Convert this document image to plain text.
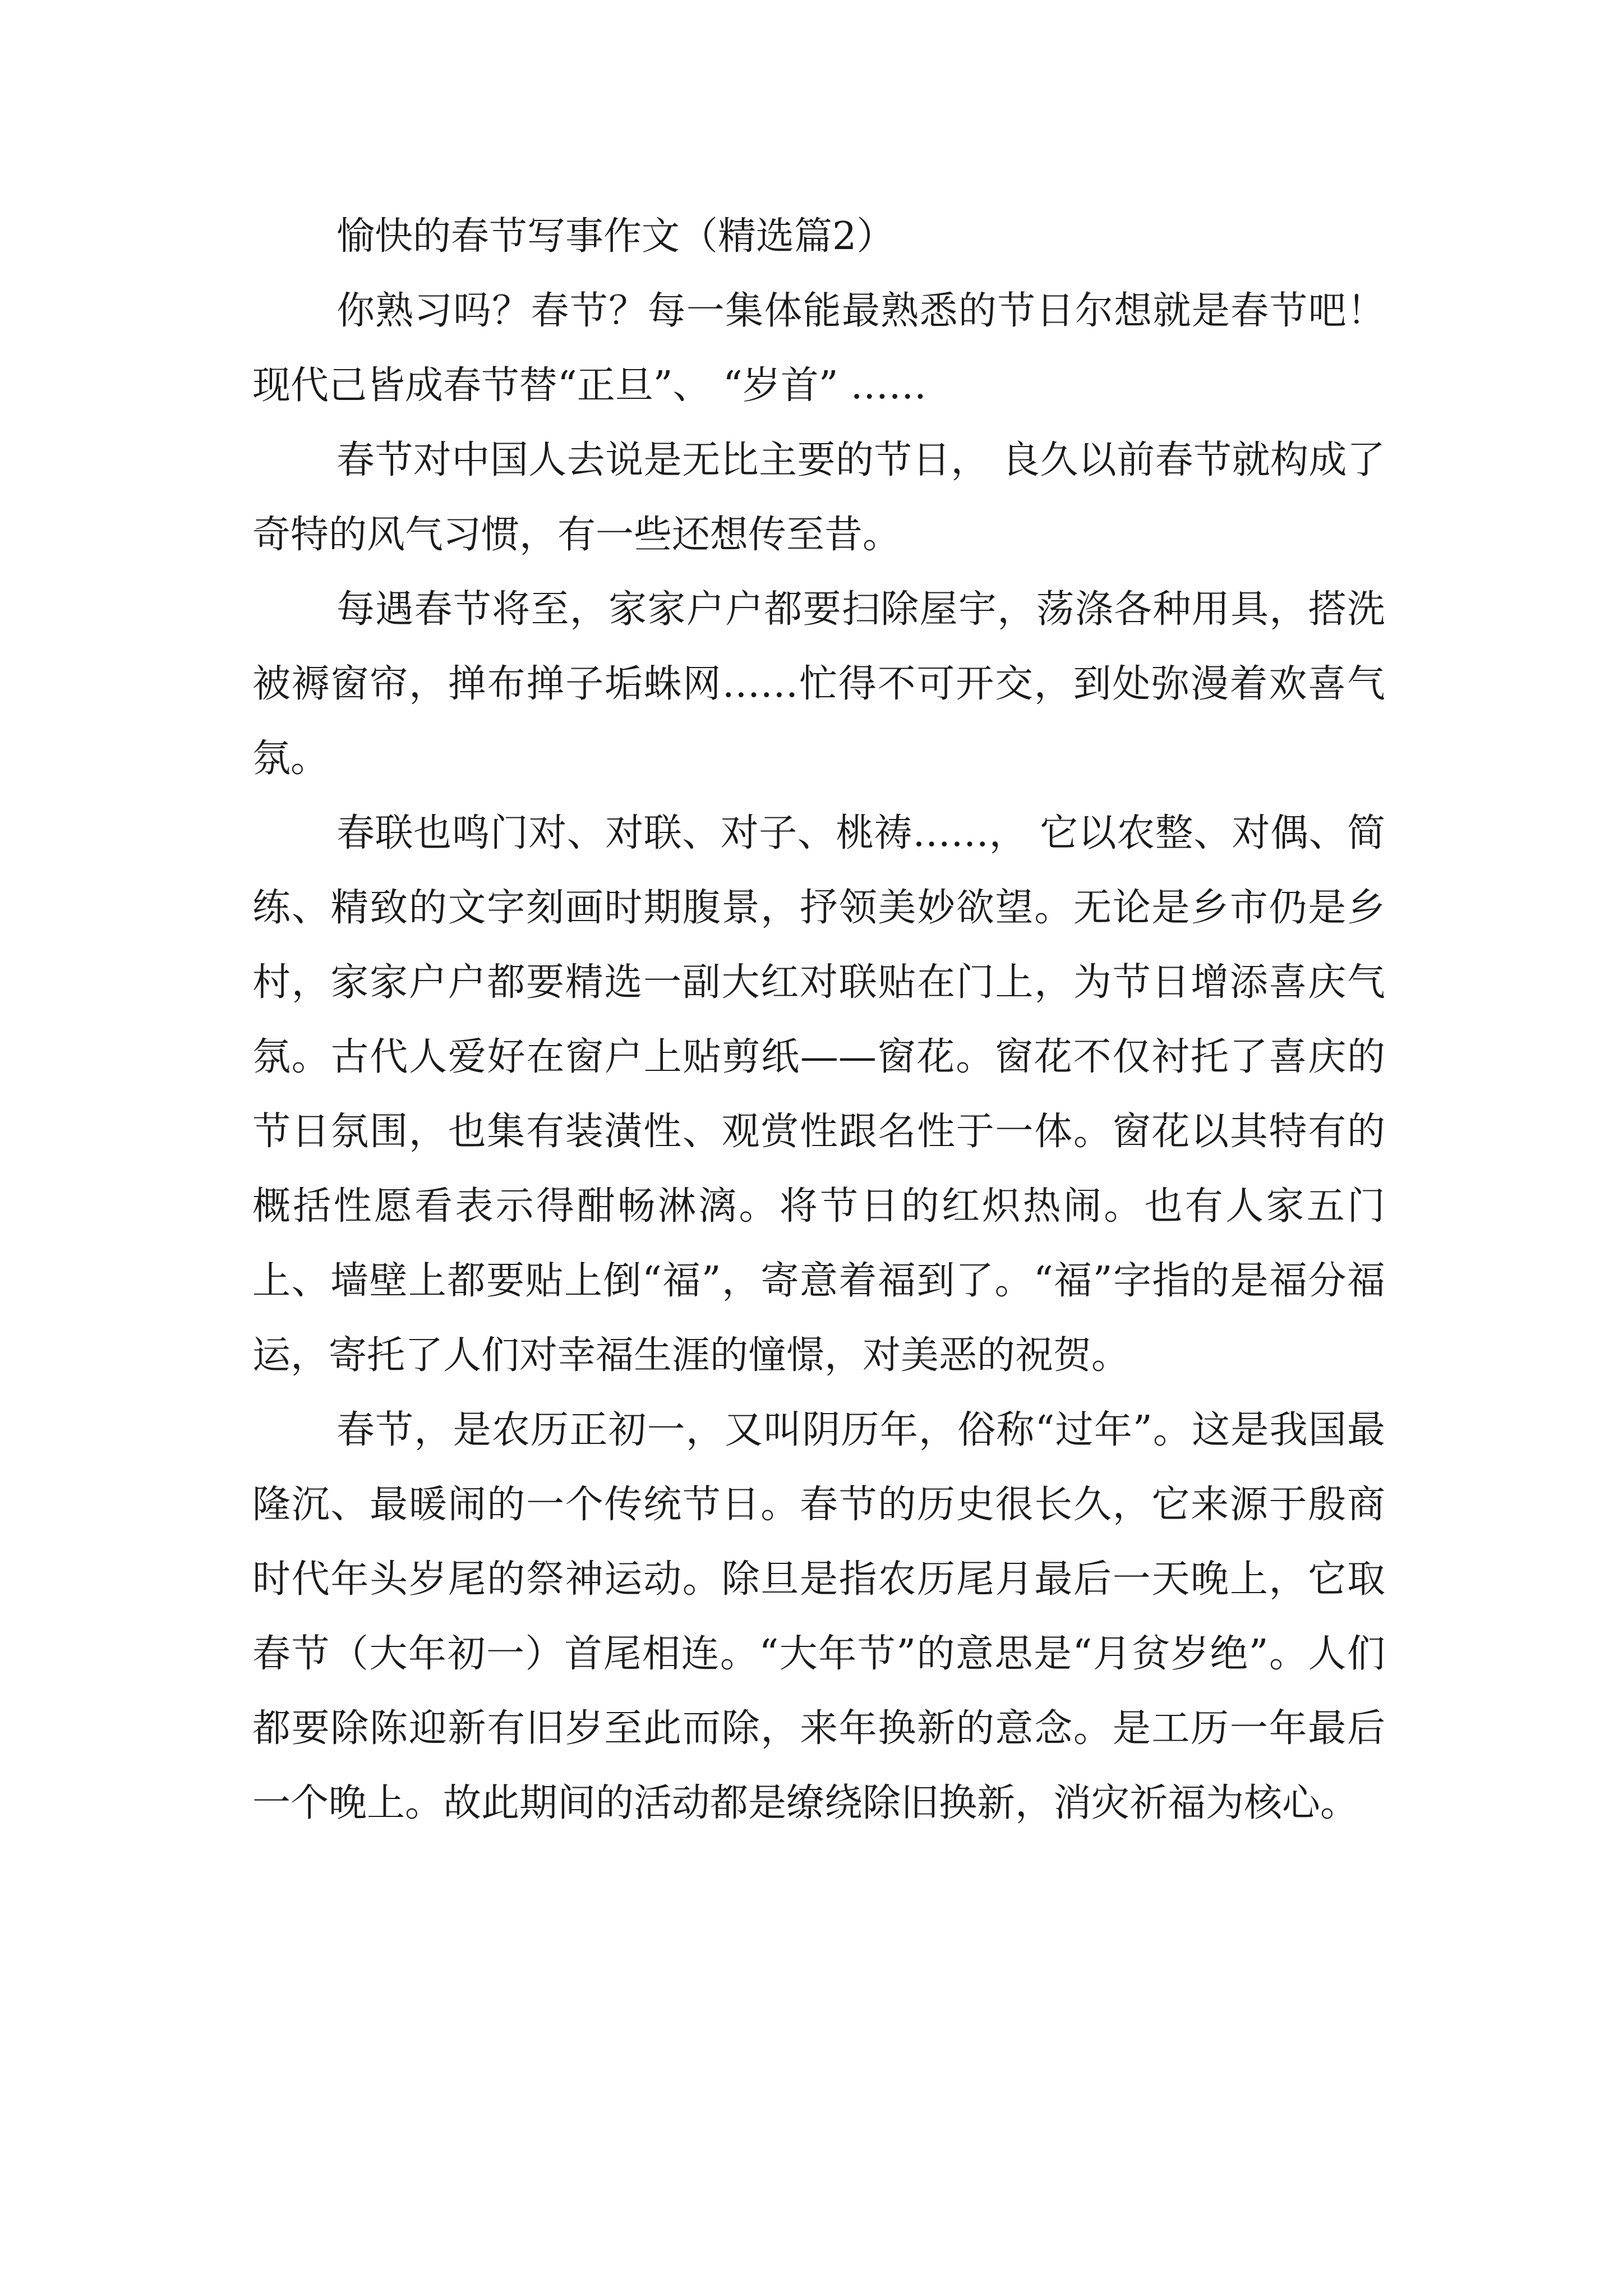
愉快的春节写事作文（精选篇2）

你熟习吗？春节？每一集体能最熟悉的节日尔想就是春节吧！现代己皆成春节替“正旦”、 “岁首” ……

春节对中国人去说是无比主要的节日， 良久以前春节就构成了奇特的风气习惯，有一些还想传至昔。

每遇春节将至，家家户户都要扫除屋宇，荡涤各种用具，搭洗被褥窗帘，掸布掸子垢蛛网……忙得不可开交，到处弥漫着欢喜气氛。

春联也鸣门对、对联、对子、桃祷……， 它以农整、对偶、简练、精致的文字刻画时期腹景，抒领美妙欲望。无论是乡市仍是乡村，家家户户都要精选一副大红对联贴在门上，为节日增添喜庆气氛。古代人爱好在窗户上贴剪纸——窗花。窗花不仅衬托了喜庆的节日氛围，也集有装潢性、观赏性跟名性于一体。窗花以其特有的概括性愿看表示得酣畅淋漓。将节日的红炽热闹。也有人家五门上、墙壁上都要贴上倒“福”，寄意着福到了。“福”字指的是福分福运，寄托了人们对幸福生涯的憧憬，对美恶的祝贺。

春节，是农历正初一，又叫阴历年，俗称“过年”。这是我国最隆沉、最暖闹的一个传统节日。春节的历史很长久，它来源于殷商时代年头岁尾的祭神运动。除旦是指农历尾月最后一天晚上，它取春节（大年初一）首尾相连。“大年节”的意思是“月贫岁绝”。人们都要除陈迎新有旧岁至此而除，来年换新的意念。是工历一年最后一个晚上。故此期间的活动都是缭绕除旧换新，消灾祈福为核心。
